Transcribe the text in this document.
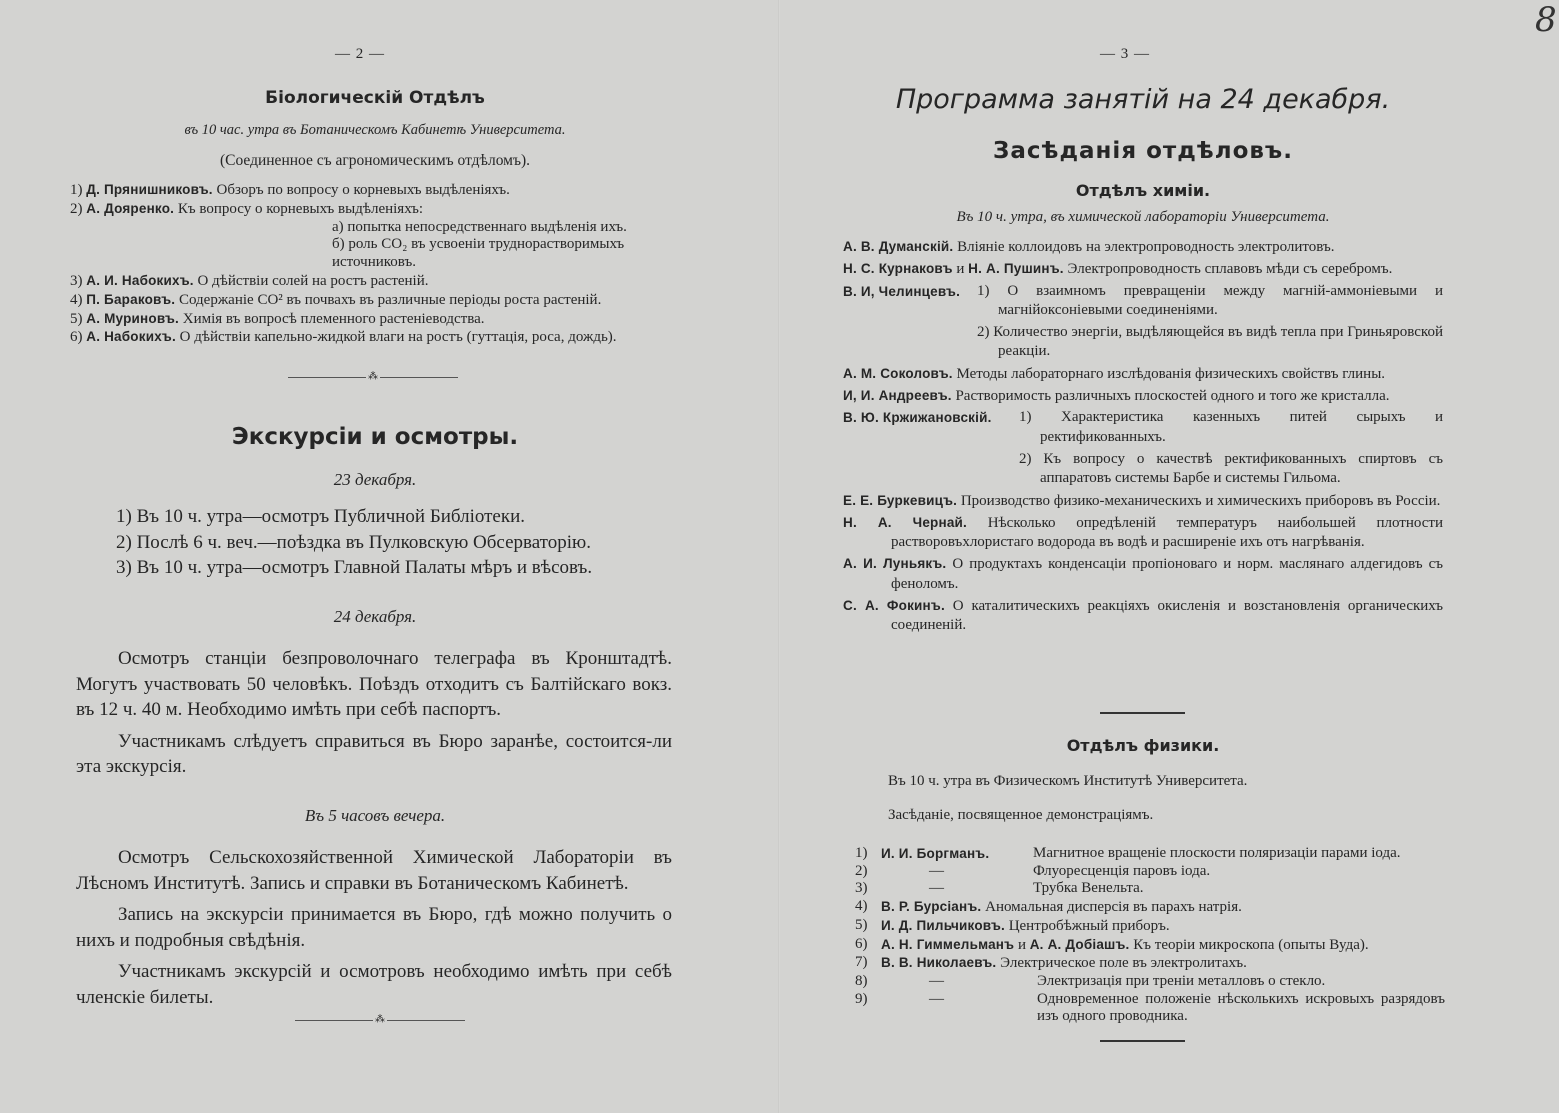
8
— 2 —
Біологическій Отдѣлъ
въ 10 час. утра въ Ботаническомъ Кабинетѣ Университета.
(Соединенное съ агрономическимъ отдѣломъ).
1) Д. Прянишниковъ. Обзоръ по вопросу о корневыхъ выдѣленіяхъ.
2) А. Дояренко. Къ вопросу о корневыхъ выдѣленіяхъ:
а) попытка непосредственнаго выдѣленія ихъ.
б) роль CO₂ въ усвоеніи труднорастворимыхъ источниковъ.
3) А. И. Набокихъ. О дѣйствіи солей на ростъ растеній.
4) П. Бараковъ. Содержаніе CO² въ почвахъ въ различные періоды роста растеній.
5) А. Муриновъ. Химія въ вопросѣ племенного растеніеводства.
6) А. Набокихъ. О дѣйствіи капельно-жидкой влаги на ростъ (гуттація, роса, дождь).
⁂
Экскурсіи и осмотры.
23 декабря.
1) Въ 10 ч. утра—осмотръ Публичной Библіотеки.
2) Послѣ 6 ч. веч.—поѣздка въ Пулковскую Обсерваторію.
3) Въ 10 ч. утра—осмотръ Главной Палаты мѣръ и вѣсовъ.
24 декабря.

Осмотръ станціи безпроволочнаго телеграфа въ Кронштадтѣ. Могутъ участвовать 50 человѣкъ. Поѣздъ отходитъ съ Балтійскаго вокз. въ 12 ч. 40 м. Необходимо имѣть при себѣ паспортъ.

Участникамъ слѣдуетъ справиться въ Бюро заранѣе, состоится-ли эта экскурсія.

Въ 5 часовъ вечера.

Осмотръ Сельскохозяйственной Химической Лабораторіи въ Лѣсномъ Институтѣ. Запись и справки въ Ботаническомъ Кабинетѣ.

Запись на экскурсіи принимается въ Бюро, гдѣ можно получить о нихъ и подробныя свѣдѣнія.

Участникамъ экскурсій и осмотровъ необходимо имѣть при себѣ членскіе билеты.

⁂
— 3 —
Программа занятій на 24 декабря.
Засѣданія отдѣловъ.
Отдѣлъ химіи.
Въ 10 ч. утра, въ химической лабораторіи Университета.
А. В. Думанскій. Вліяніе коллоидовъ на электропроводность электролитовъ.
Н. С. Курнаковъ и Н. А. Пушинъ. Электропроводность сплавовъ мѣди съ серебромъ.
В. И, Челинцевъ.	1) О взаимномъ превращеніи между магній-аммоніевыми и магнійоксоніевыми соединеніями.
2) Количество энергіи, выдѣляющейся въ видѣ тепла при Гриньяровской реакціи.
А. М. Соколовъ. Методы лабораторнаго изслѣдованія физическихъ свойствъ глины.
И, И. Андреевъ. Растворимость различныхъ плоскостей одного и того же кристалла.
В. Ю. Кржижановскій.	1) Характеристика казенныхъ питей сырыхъ и ректификованныхъ.
2) Къ вопросу о качествѣ ректификованныхъ спиртовъ съ аппаратовъ системы Барбе и системы Гильома.
Е. Е. Буркевицъ. Производство физико-механическихъ и химическихъ приборовъ въ Россіи.
Н. А. Чернай. Нѣсколько опредѣленій температуръ наибольшей плотности растворовъхлористаго водорода въ водѣ и расширеніе ихъ отъ нагрѣванія.
А. И. Луньякъ. О продуктахъ конденсаціи пропіоноваго и норм. маслянаго алдегидовъ съ феноломъ.
С. А. Фокинъ. О каталитическихъ реакціяхъ окисленія и возстановленія органическихъ соединеній.
Отдѣлъ физики.
Въ 10 ч. утра въ Физическомъ Институтѣ Университета.
Засѣданіе, посвященное демонстраціямъ.
1)	И. И. Боргманъ.	Магнитное вращеніе плоскости поляризаціи парами іода.
2)	—	Флуоресценція паровъ іода.
3)	—	Трубка Венельта.
4)	В. Р. Бурсіанъ. Аномальная дисперсія въ парахъ натрія.
5)	И. Д. Пильчиковъ. Центробѣжный приборъ.
6)	А. Н. Гиммельманъ и А. А. Добіашъ. Къ теоріи микроскопа (опыты Вуда).
7)	В. В. Николаевъ. Электрическое поле въ электролитахъ.
8)	—	Электризація при треніи металловъ о стекло.
9)	—	Одновременное положеніе нѣсколькихъ искровыхъ разрядовъ изъ одного проводника.
